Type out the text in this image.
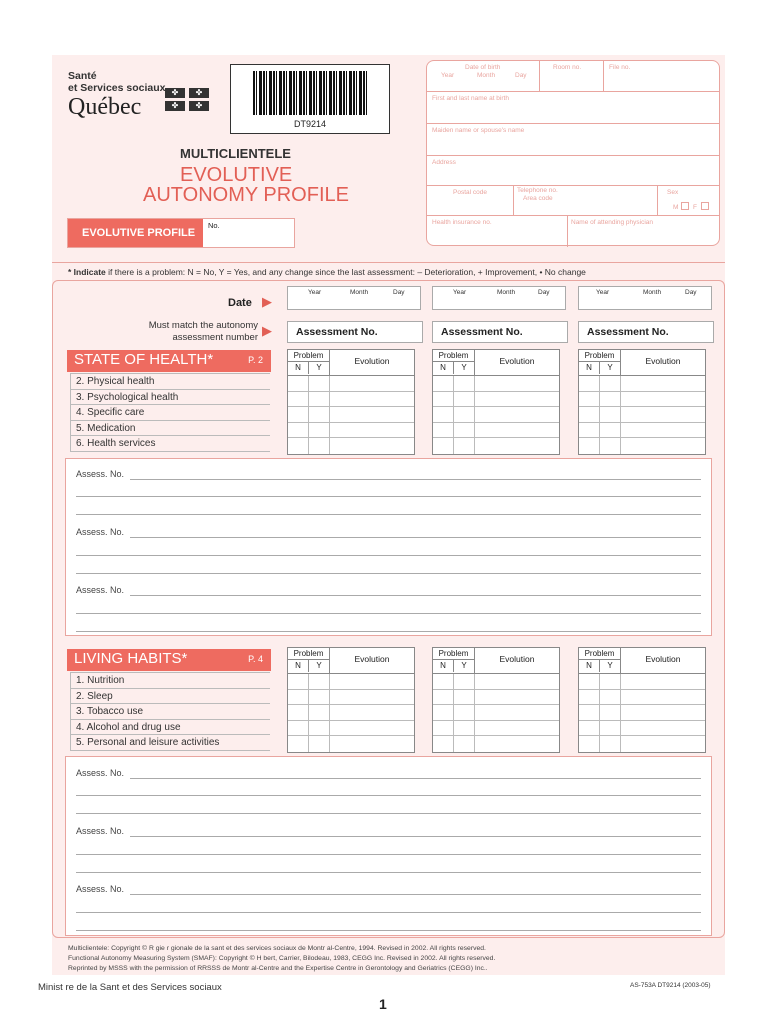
Santé
et Services sociaux
Québec
✤	✤
✤	✤
DT9214
MULTICLIENTELE
EVOLUTIVE
AUTONOMY PROFILE
EVOLUTIVE PROFILE
No.
Date of birth
Year	Month	Day
Room no.	File no.
First and last name at birth
Maiden name or spouse's name
Address
Postal code	Telephone no.
Area code
Sex
M F
Health insurance no.	Name of attending physician
* Indicate if there is a problem: N = No, Y = Yes, and any change since the last assessment: – Deterioration, + Improvement, • No change
Date ▶
Year	Month	Day	Year	Month	Day	Year	Month	Day
Must match the autonomy
assessment number ▶	Assessment No.	Assessment No.	Assessment No.
STATE OF HEALTH*	P. 2
2. Physical health
3. Psychological health
4. Specific care
5. Medication
6. Health services
Problem
N	Y
Evolution
Problem
N	Y
Evolution
Problem
N	Y
Evolution
Assess. No.
Assess. No.
Assess. No.
LIVING HABITS*	P. 4
1. Nutrition
2. Sleep
3. Tobacco use
4. Alcohol and drug use
5. Personal and leisure activities
Problem
N	Y
Evolution
Problem
N	Y
Evolution
Problem
N	Y
Evolution
Assess. No.
Assess. No.
Assess. No.
Multiclientele: Copyright © R gie r gionale de la sant et des services sociaux de Montr al-Centre, 1994. Revised in 2002. All rights reserved.
Functional Autonomy Measuring System (SMAF): Copyright © H bert, Carrier, Bilodeau, 1983, CEGG Inc. Revised in 2002. All rights reserved.
Reprinted by MSSS with the permission of RRSSS de Montr al-Centre and the Expertise Centre in Gerontology and Geriatrics (CEGG) Inc..
Minist re de la Sant et des Services sociaux	AS-753A DT9214 (2003-05)
1
